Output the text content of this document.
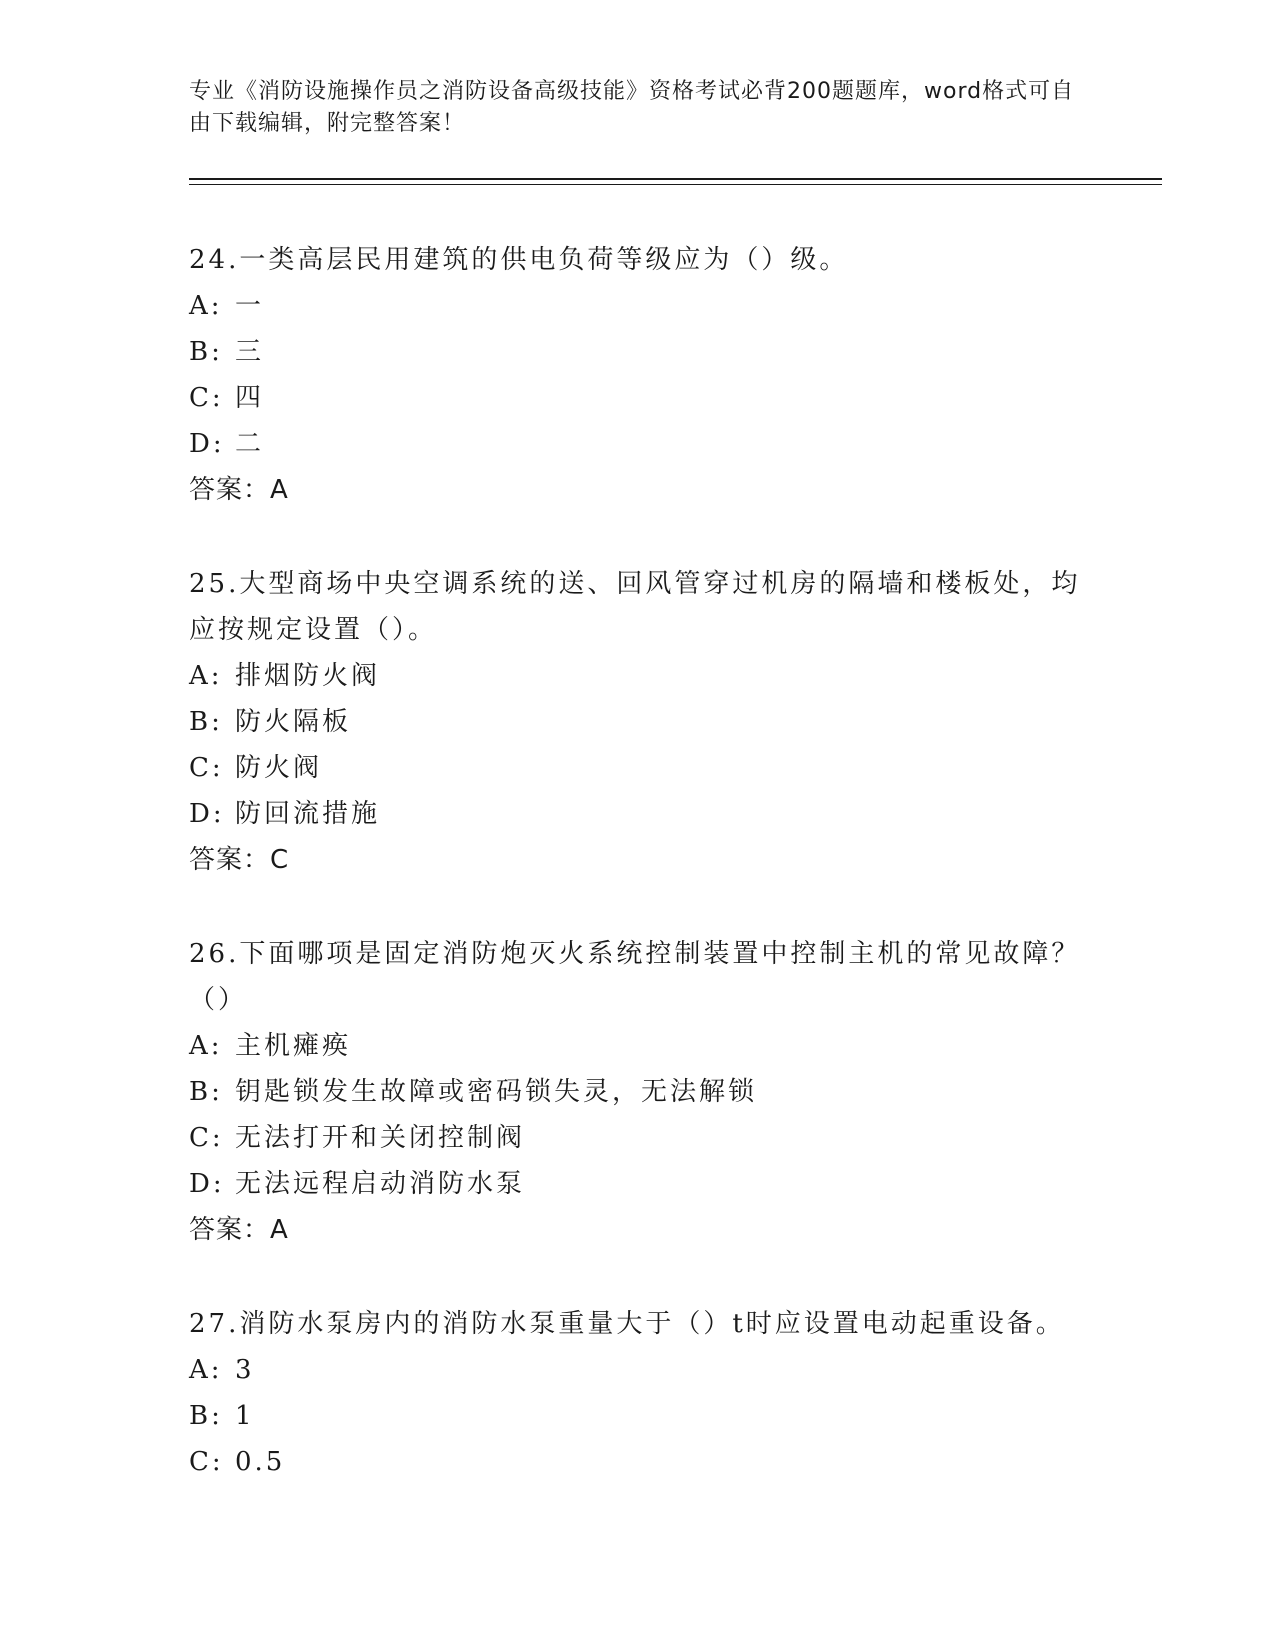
专业《消防设施操作员之消防设备高级技能》资格考试必背200题题库，word格式可自由下载编辑，附完整答案！

24.一类高层民用建筑的供电负荷等级应为（）级。

A: 一

B: 三

C: 四

D: 二

答案：A

25.大型商场中央空调系统的送、回风管穿过机房的隔墙和楼板处，均应按规定设置（）。

A: 排烟防火阀

B: 防火隔板

C: 防火阀

D: 防回流措施

答案：C

26.下面哪项是固定消防炮灭火系统控制装置中控制主机的常见故障？（）

A: 主机瘫痪

B: 钥匙锁发生故障或密码锁失灵，无法解锁

C: 无法打开和关闭控制阀

D: 无法远程启动消防水泵

答案：A

27.消防水泵房内的消防水泵重量大于（）t时应设置电动起重设备。

A: 3

B: 1

C: 0.5
